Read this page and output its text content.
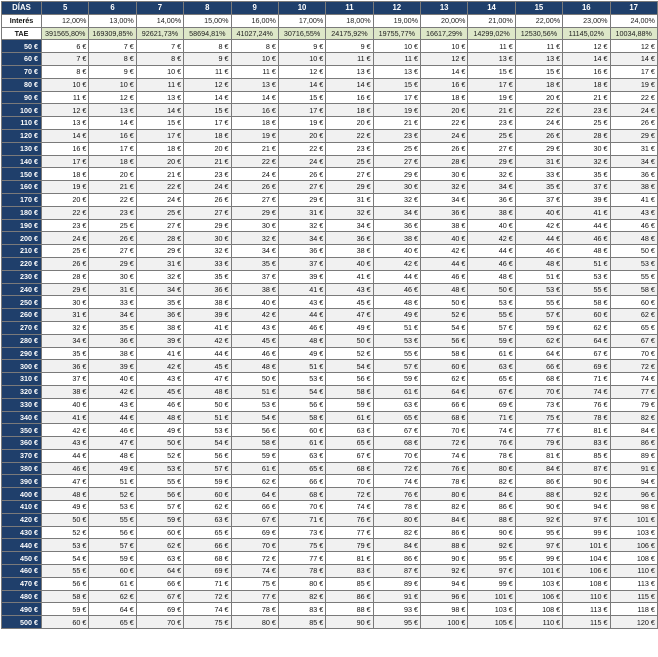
DÍAS	5	6	7	8	9	10	11	12	13	14	15	16	17
Interés	12,00%	13,00%	14,00%	15,00%	16,00%	17,00%	18,00%	19,00%	20,00%	21,00%	22,00%	23,00%	24,00%
TAE	391565,80%	169309,85%	92621,73%	58694,81%	41027,24%	30716,55%	24175,92%	19755,77%	16617,29%	14299,02%	12530,56%	11145,02%	10034,88%
50 €	6 €	7 €	7 €	8 €	8 €	9 €	9 €	10 €	10 €	11 €	11 €	12 €	12 €
60 €	7 €	8 €	8 €	9 €	10 €	10 €	11 €	11 €	12 €	13 €	13 €	14 €	14 €
70 €	8 €	9 €	10 €	11 €	11 €	12 €	13 €	13 €	14 €	15 €	15 €	16 €	17 €
80 €	10 €	10 €	11 €	12 €	13 €	14 €	14 €	15 €	16 €	17 €	18 €	18 €	19 €
90 €	11 €	12 €	13 €	14 €	14 €	15 €	16 €	17 €	18 €	19 €	20 €	21 €	22 €
100 €	12 €	13 €	14 €	15 €	16 €	17 €	18 €	19 €	20 €	21 €	22 €	23 €	24 €
110 €	13 €	14 €	15 €	17 €	18 €	19 €	20 €	21 €	22 €	23 €	24 €	25 €	26 €
120 €	14 €	16 €	17 €	18 €	19 €	20 €	22 €	23 €	24 €	25 €	26 €	28 €	29 €
130 €	16 €	17 €	18 €	20 €	21 €	22 €	23 €	25 €	26 €	27 €	29 €	30 €	31 €
140 €	17 €	18 €	20 €	21 €	22 €	24 €	25 €	27 €	28 €	29 €	31 €	32 €	34 €
150 €	18 €	20 €	21 €	23 €	24 €	26 €	27 €	29 €	30 €	32 €	33 €	35 €	36 €
160 €	19 €	21 €	22 €	24 €	26 €	27 €	29 €	30 €	32 €	34 €	35 €	37 €	38 €
170 €	20 €	22 €	24 €	26 €	27 €	29 €	31 €	32 €	34 €	36 €	37 €	39 €	41 €
180 €	22 €	23 €	25 €	27 €	29 €	31 €	32 €	34 €	36 €	38 €	40 €	41 €	43 €
190 €	23 €	25 €	27 €	29 €	30 €	32 €	34 €	36 €	38 €	40 €	42 €	44 €	46 €
200 €	24 €	26 €	28 €	30 €	32 €	34 €	36 €	38 €	40 €	42 €	44 €	46 €	48 €
210 €	25 €	27 €	29 €	32 €	34 €	36 €	38 €	40 €	42 €	44 €	46 €	48 €	50 €
220 €	26 €	29 €	31 €	33 €	35 €	37 €	40 €	42 €	44 €	46 €	48 €	51 €	53 €
230 €	28 €	30 €	32 €	35 €	37 €	39 €	41 €	44 €	46 €	48 €	51 €	53 €	55 €
240 €	29 €	31 €	34 €	36 €	38 €	41 €	43 €	46 €	48 €	50 €	53 €	55 €	58 €
250 €	30 €	33 €	35 €	38 €	40 €	43 €	45 €	48 €	50 €	53 €	55 €	58 €	60 €
260 €	31 €	34 €	36 €	39 €	42 €	44 €	47 €	49 €	52 €	55 €	57 €	60 €	62 €
270 €	32 €	35 €	38 €	41 €	43 €	46 €	49 €	51 €	54 €	57 €	59 €	62 €	65 €
280 €	34 €	36 €	39 €	42 €	45 €	48 €	50 €	53 €	56 €	59 €	62 €	64 €	67 €
290 €	35 €	38 €	41 €	44 €	46 €	49 €	52 €	55 €	58 €	61 €	64 €	67 €	70 €
300 €	36 €	39 €	42 €	45 €	48 €	51 €	54 €	57 €	60 €	63 €	66 €	69 €	72 €
310 €	37 €	40 €	43 €	47 €	50 €	53 €	56 €	59 €	62 €	65 €	68 €	71 €	74 €
320 €	38 €	42 €	45 €	48 €	51 €	54 €	58 €	61 €	64 €	67 €	70 €	74 €	77 €
330 €	40 €	43 €	46 €	50 €	53 €	56 €	59 €	63 €	66 €	69 €	73 €	76 €	79 €
340 €	41 €	44 €	48 €	51 €	54 €	58 €	61 €	65 €	68 €	71 €	75 €	78 €	82 €
350 €	42 €	46 €	49 €	53 €	56 €	60 €	63 €	67 €	70 €	74 €	77 €	81 €	84 €
360 €	43 €	47 €	50 €	54 €	58 €	61 €	65 €	68 €	72 €	76 €	79 €	83 €	86 €
370 €	44 €	48 €	52 €	56 €	59 €	63 €	67 €	70 €	74 €	78 €	81 €	85 €	89 €
380 €	46 €	49 €	53 €	57 €	61 €	65 €	68 €	72 €	76 €	80 €	84 €	87 €	91 €
390 €	47 €	51 €	55 €	59 €	62 €	66 €	70 €	74 €	78 €	82 €	86 €	90 €	94 €
400 €	48 €	52 €	56 €	60 €	64 €	68 €	72 €	76 €	80 €	84 €	88 €	92 €	96 €
410 €	49 €	53 €	57 €	62 €	66 €	70 €	74 €	78 €	82 €	86 €	90 €	94 €	98 €
420 €	50 €	55 €	59 €	63 €	67 €	71 €	76 €	80 €	84 €	88 €	92 €	97 €	101 €
430 €	52 €	56 €	60 €	65 €	69 €	73 €	77 €	82 €	86 €	90 €	95 €	99 €	103 €
440 €	53 €	57 €	62 €	66 €	70 €	75 €	79 €	84 €	88 €	92 €	97 €	101 €	106 €
450 €	54 €	59 €	63 €	68 €	72 €	77 €	81 €	86 €	90 €	95 €	99 €	104 €	108 €
460 €	55 €	60 €	64 €	69 €	74 €	78 €	83 €	87 €	92 €	97 €	101 €	106 €	110 €
470 €	56 €	61 €	66 €	71 €	75 €	80 €	85 €	89 €	94 €	99 €	103 €	108 €	113 €
480 €	58 €	62 €	67 €	72 €	77 €	82 €	86 €	91 €	96 €	101 €	106 €	110 €	115 €
490 €	59 €	64 €	69 €	74 €	78 €	83 €	88 €	93 €	98 €	103 €	108 €	113 €	118 €
500 €	60 €	65 €	70 €	75 €	80 €	85 €	90 €	95 €	100 €	105 €	110 €	115 €	120 €
